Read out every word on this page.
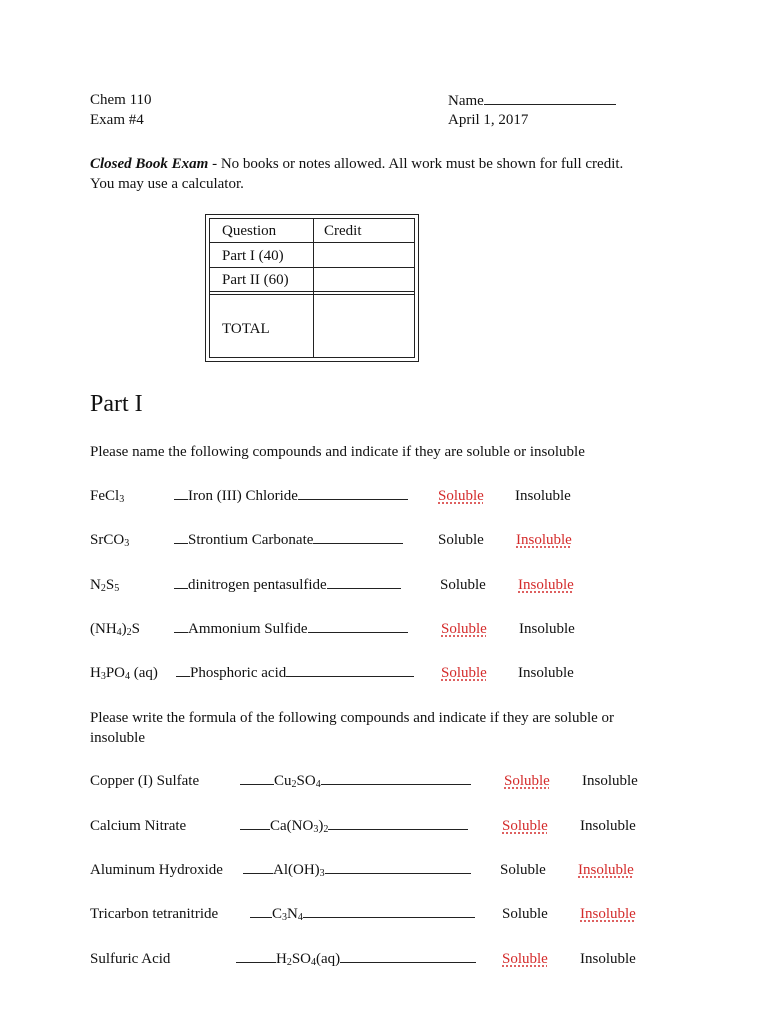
Chem 110
Exam #4
Name
April 1, 2017
Closed Book Exam - No books or notes allowed. All work must be shown for full credit. You may use a calculator.
Question	Credit
Part I (40)
Part II (60)
TOTAL
Part I
Please name the following compounds and indicate if they are soluble or insoluble
FeCl$_3$	Iron (III) Chloride	Soluble Insoluble
SrCO$_3$	Strontium Carbonate	Soluble Insoluble
$N_2S_5$	dinitrogen pentasulfide	Soluble Insoluble
$(NH_4)_2S$	Ammonium Sulfide	Soluble Insoluble
$H_3PO_4$ (aq)	Phosphoric acid	Soluble Insoluble
Please write the formula of the following compounds and indicate if they are soluble or insoluble
Copper (I) Sulfate	$Cu_2SO_4$	Soluble Insoluble
Calcium Nitrate	$Ca(NO_3)_2$	Soluble Insoluble
Aluminum Hydroxide	$Al(OH)_3$	Soluble Insoluble
Tricarbon tetranitride	$C_3N_4$	Soluble Insoluble
Sulfuric Acid	$H_2SO_4(aq)$	Soluble Insoluble
